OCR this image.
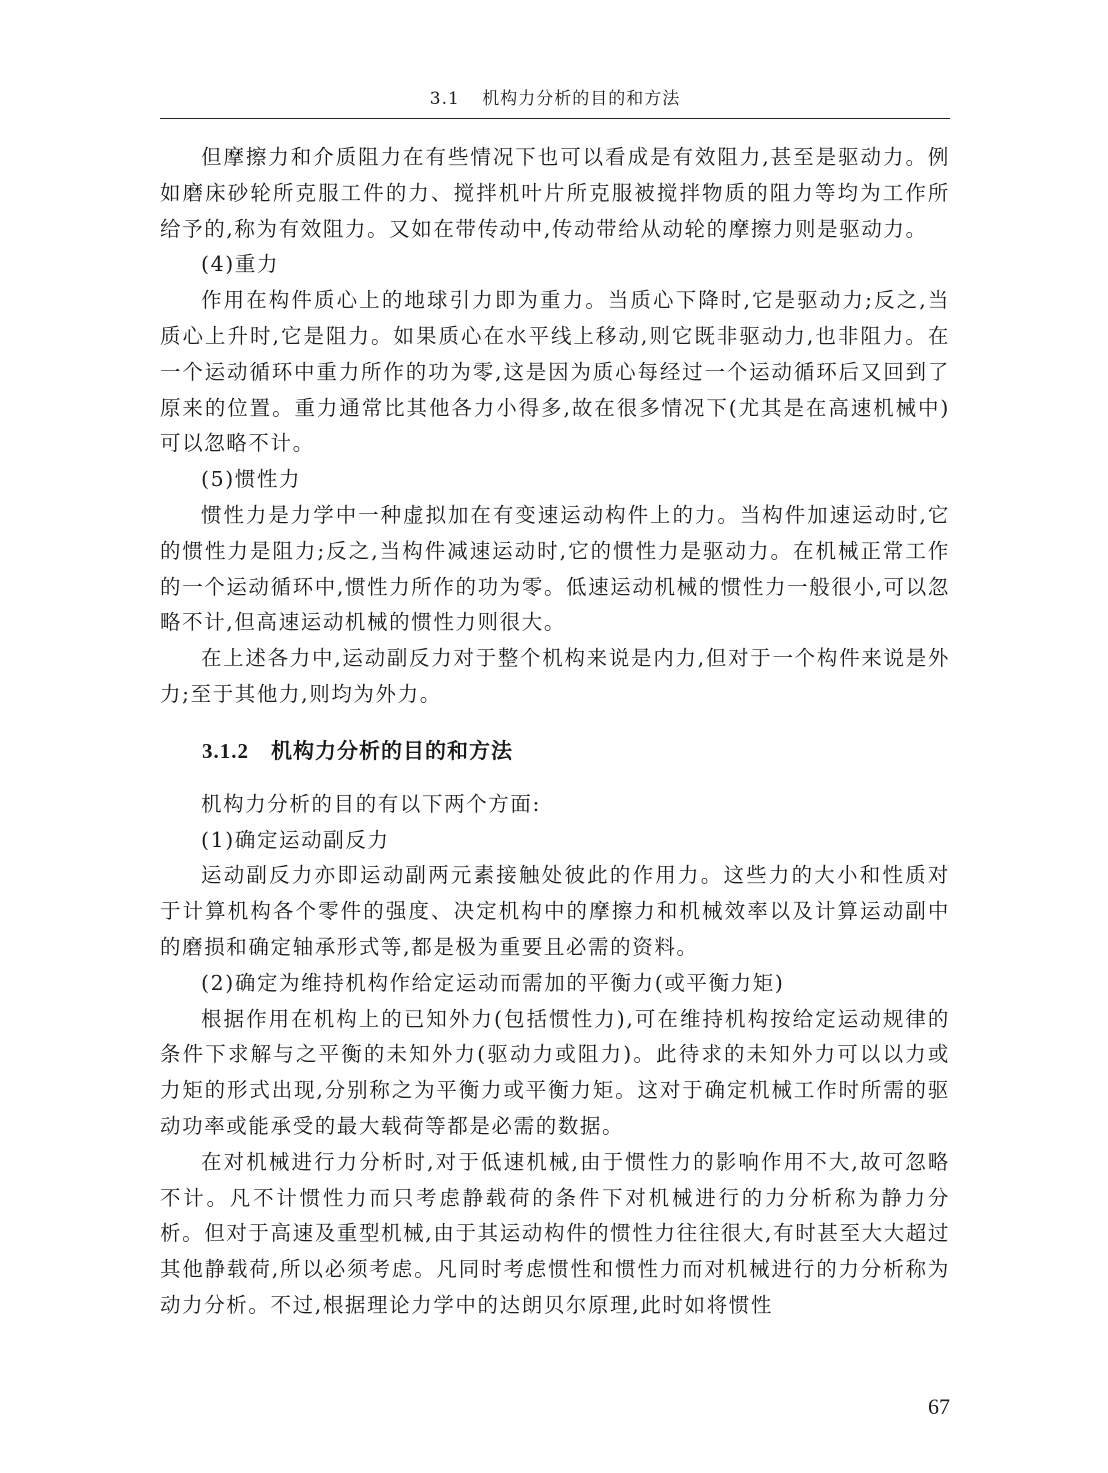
3.1 机构力分析的目的和方法

但摩擦力和介质阻力在有些情况下也可以看成是有效阻力,甚至是驱动力。例如磨床砂轮所克服工件的力、搅拌机叶片所克服被搅拌物质的阻力等均为工作所给予的,称为有效阻力。又如在带传动中,传动带给从动轮的摩擦力则是驱动力。

(4)重力

作用在构件质心上的地球引力即为重力。当质心下降时,它是驱动力;反之,当质心上升时,它是阻力。如果质心在水平线上移动,则它既非驱动力,也非阻力。在一个运动循环中重力所作的功为零,这是因为质心每经过一个运动循环后又回到了原来的位置。重力通常比其他各力小得多,故在很多情况下(尤其是在高速机械中)可以忽略不计。

(5)惯性力

惯性力是力学中一种虚拟加在有变速运动构件上的力。当构件加速运动时,它的惯性力是阻力;反之,当构件减速运动时,它的惯性力是驱动力。在机械正常工作的一个运动循环中,惯性力所作的功为零。低速运动机械的惯性力一般很小,可以忽略不计,但高速运动机械的惯性力则很大。

在上述各力中,运动副反力对于整个机构来说是内力,但对于一个构件来说是外力;至于其他力,则均为外力。

3.1.2 机构力分析的目的和方法

机构力分析的目的有以下两个方面:

(1)确定运动副反力

运动副反力亦即运动副两元素接触处彼此的作用力。这些力的大小和性质对于计算机构各个零件的强度、决定机构中的摩擦力和机械效率以及计算运动副中的磨损和确定轴承形式等,都是极为重要且必需的资料。

(2)确定为维持机构作给定运动而需加的平衡力(或平衡力矩)

根据作用在机构上的已知外力(包括惯性力),可在维持机构按给定运动规律的条件下求解与之平衡的未知外力(驱动力或阻力)。此待求的未知外力可以以力或力矩的形式出现,分别称之为平衡力或平衡力矩。这对于确定机械工作时所需的驱动功率或能承受的最大载荷等都是必需的数据。

在对机械进行力分析时,对于低速机械,由于惯性力的影响作用不大,故可忽略不计。凡不计惯性力而只考虑静载荷的条件下对机械进行的力分析称为静力分析。但对于高速及重型机械,由于其运动构件的惯性力往往很大,有时甚至大大超过其他静载荷,所以必须考虑。凡同时考虑惯性和惯性力而对机械进行的力分析称为动力分析。不过,根据理论力学中的达朗贝尔原理,此时如将惯性

67
